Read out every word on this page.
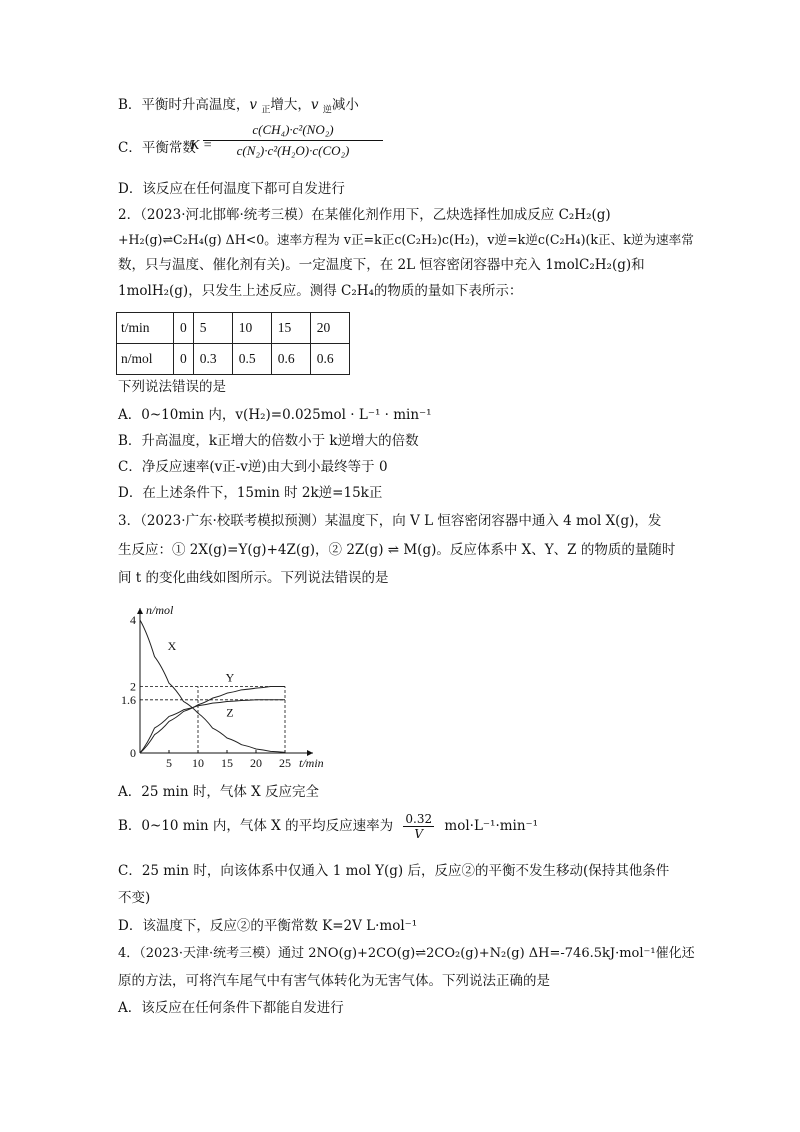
B．平衡时升高温度，v $_正$增大，v $_逆$减小
C．平衡常数
K =
$\frac{\text{c(CH₄)·c²(NO₂)}}{\text{c(N₂)·c²(H₂O)·c(CO₂)}}$
D．该反应在任何温度下都可自发进行
2．（2023·河北邯郸·统考三模）在某催化剂作用下，乙炔选择性加成反应 C₂H₂(g)
+H₂(g)⇌C₂H₄(g) ΔH<0。速率方程为 v正=k正c(C₂H₂)c(H₂)，v逆=k逆c(C₂H₄)(k正、k逆为速率常
数，只与温度、催化剂有关)。一定温度下，在 2L 恒容密闭容器中充入 1molC₂H₂(g)和
1molH₂(g)，只发生上述反应。测得 C₂H₄的物质的量如下表所示：
t/min	0	5	10	15	20
n/mol	0	0.3	0.5	0.6	0.6
下列说法错误的是
A．0~10min 内，v(H₂)=0.025mol · L⁻¹ · min⁻¹
B．升高温度，k正增大的倍数小于 k逆增大的倍数
C．净反应速率(v正-v逆)由大到小最终等于 0
D．在上述条件下，15min 时 2k逆=15k正
3．（2023·广东·校联考模拟预测）某温度下，向 V L 恒容密闭容器中通入 4 mol X(g)，发
生反应：① 2X(g)=Y(g)+4Z(g)，② 2Z(g) ⇌ M(g)。反应体系中 X、Y、Z 的物质的量随时
间 t 的变化曲线如图所示。下列说法错误的是
X
Y
Z
4
2
1.6
0
5 10 15 20 25
n/mol
t/min
A．25 min 时，气体 X 反应完全
B．0~10 min 内，气体 X 的平均反应速率为 $\frac{0.32}{V} mol\cdot L^{-1}\cdot\min^{-1}$
C．25 min 时，向该体系中仅通入 1 mol Y(g) 后，反应②的平衡不发生移动(保持其他条件
不变)
D．该温度下，反应②的平衡常数 K=2V L·mol⁻¹
4．（2023·天津·统考三模）通过 2NO(g)+2CO(g)⇌2CO₂(g)+N₂(g) ΔH=-746.5kJ·mol⁻¹催化还
原的方法，可将汽车尾气中有害气体转化为无害气体。下列说法正确的是
A．该反应在任何条件下都能自发进行
